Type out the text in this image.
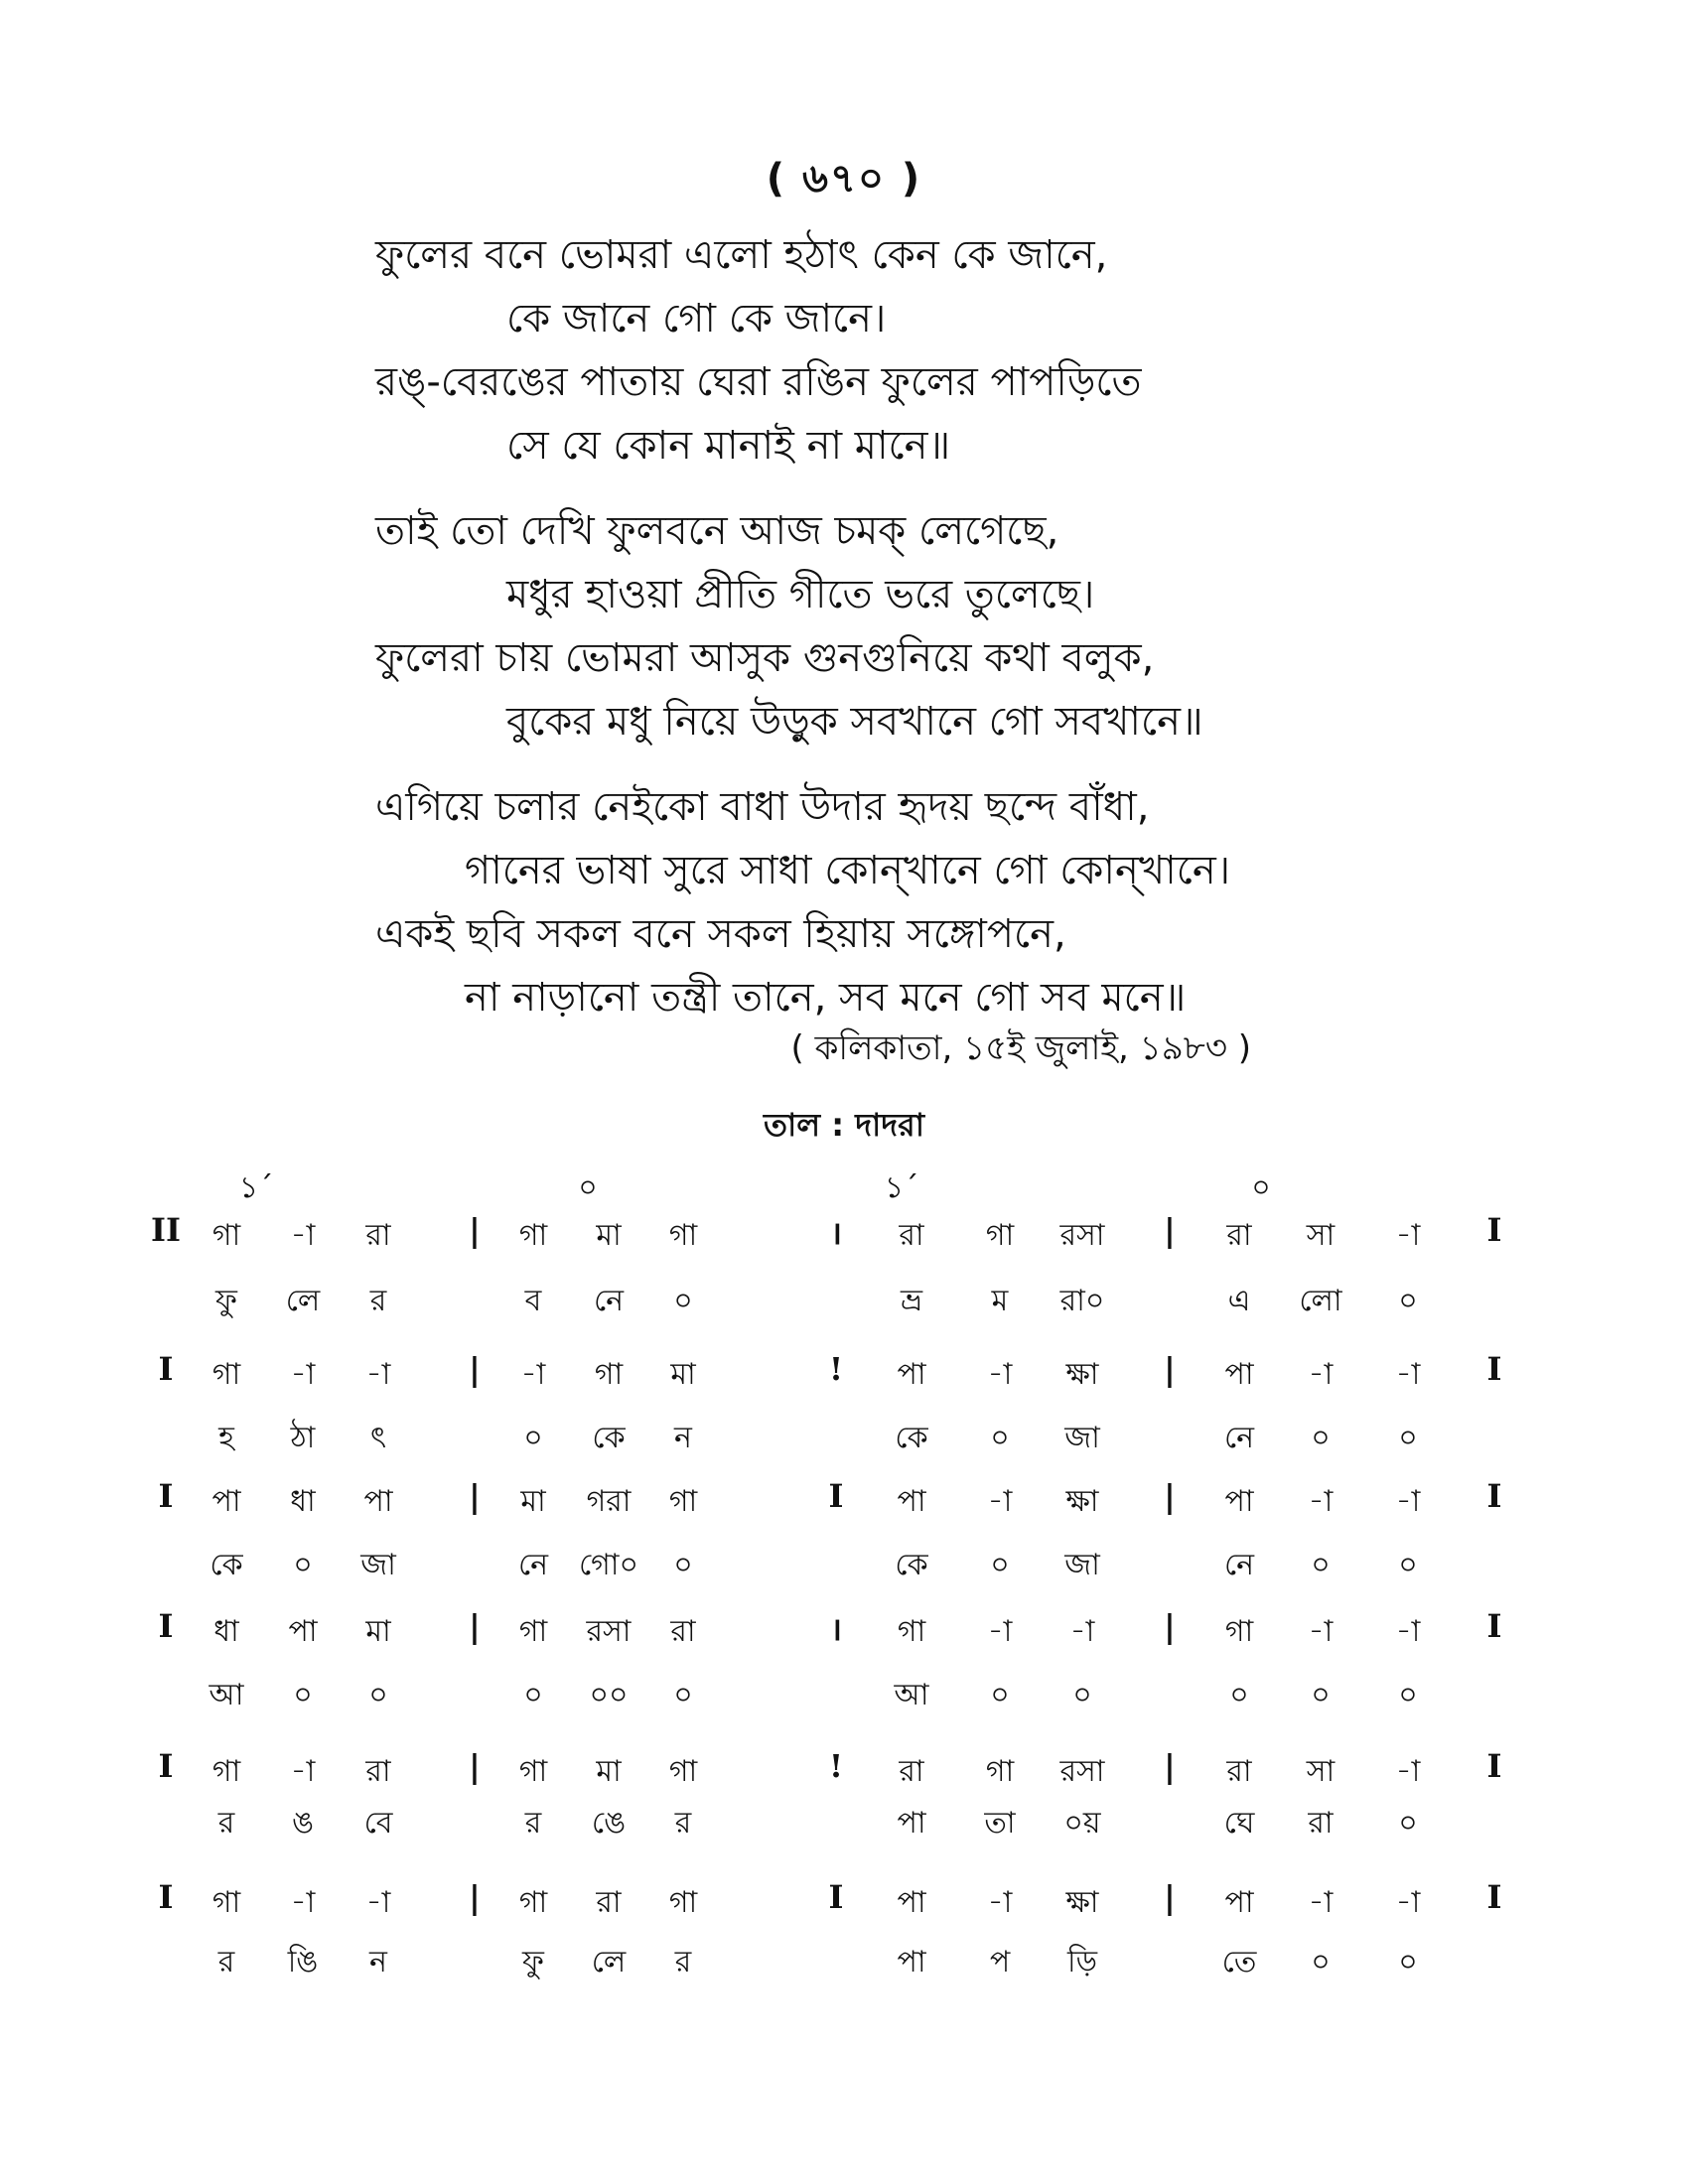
( ৬৭০ )
ফুলের বনে ভোমরা এলো হঠাৎ কেন কে জানে,
কে জানে গো কে জানে।
রঙ্-বেরঙের পাতায় ঘেরা রঙিন ফুলের পাপড়িতে
সে যে কোন মানাই না মানে॥
তাই তো দেখি ফুলবনে আজ চমক্ লেগেছে,
মধুর হাওয়া প্রীতি গীতে ভরে তুলেছে।
ফুলেরা চায় ভোমরা আসুক গুনগুনিয়ে কথা বলুক,
বুকের মধু নিয়ে উড়ুক সবখানে গো সবখানে॥
এগিয়ে চলার নেইকো বাধা উদার হৃদয় ছন্দে বাঁধা,
গানের ভাষা সুরে সাধা কোন্খানে গো কোন্খানে।
একই ছবি সকল বনে সকল হিয়ায় সঙ্গোপনে,
না নাড়ানো তন্ত্রী তানে, সব মনে গো সব মনে॥
( কলিকাতা, ১৫ই জুলাই, ১৯৮৩ )
তাল : দাদরা
১´	০	১´	০
II	|	।	|	I
গা -া রা	গা মা গা	রা গা রসা	রা সা -া
ফু লে র	ব নে ০	ভ্র ম রা০	এ লো ০
I	|	!	|	I
গা -া -া	-া গা মা	পা -া ক্ষা	পা -া -া
হ ঠা ৎ	০ কে ন	কে ০ জা	নে ০ ০
I	|	I	|	I
পা ধা পা	মা গরা গা	পা -া ক্ষা	পা -া -া
কে ০ জা	নে গো০ ০	কে ০ জা	নে ০ ০
I	|	।	|	I
ধা পা মা	গা রসা রা	গা -া -া	গা -া -া
আ ০ ০	০ ০০ ০	আ ০ ০	০ ০ ০
I	|	!	|	I
গা -া রা	গা মা গা	রা গা রসা	রা সা -া
র ঙ বে	র ঙে র	পা তা ০য়	ঘে রা ০
I	|	I	|	I
গা -া -া	গা রা গা	পা -া ক্ষা	পা -া -া
র ঙি ন	ফু লে র	পা প ড়ি	তে ০ ০
